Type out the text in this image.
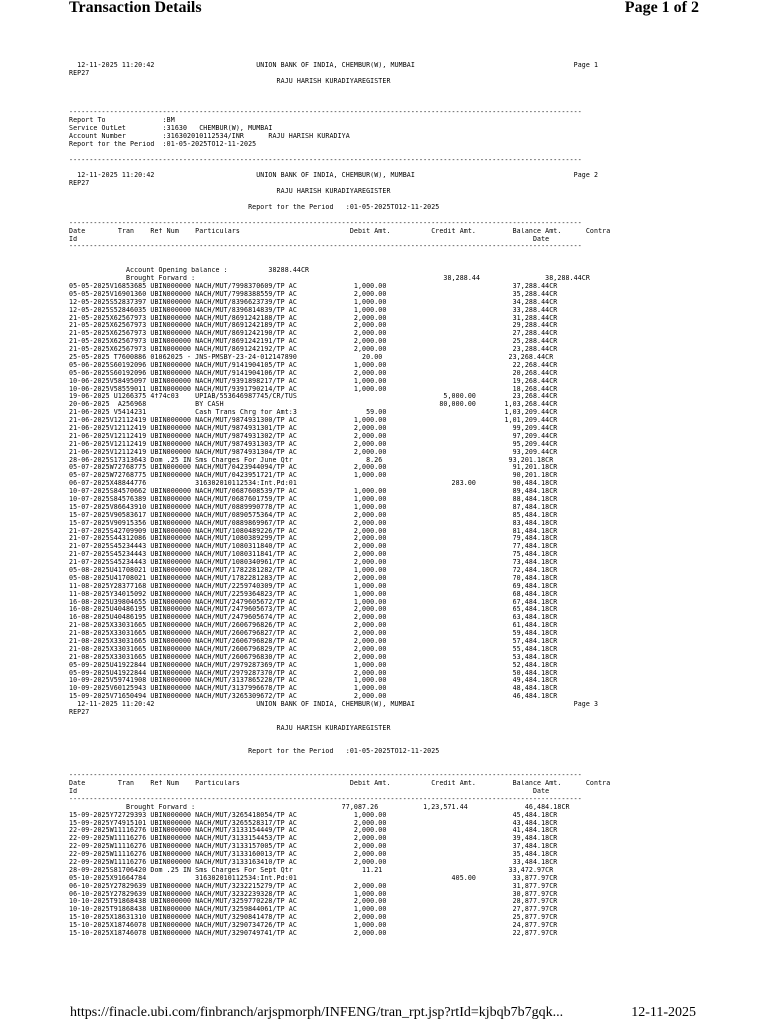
Transaction Details	Page 1 of 2
12-11-2025 11:20:42                         UNION BANK OF INDIA, CHEMBUR(W), MUMBAI                                       Page 1
REP27
RAJU HARISH KURADIYAREGISTER
------------------------------------------------------------------------------------------------------------------------------
Report To              :BM
Service OutLet         :31630   CHEMBUR(W), MUMBAI
Account Number         :316302010112534/INR      RAJU HARISH KURADIYA
Report for the Period  :01-05-2025TO12-11-2025
------------------------------------------------------------------------------------------------------------------------------
12-11-2025 11:20:42                         UNION BANK OF INDIA, CHEMBUR(W), MUMBAI                                       Page 2
REP27
RAJU HARISH KURADIYAREGISTER
Report for the Period   :01-05-2025TO12-11-2025
------------------------------------------------------------------------------------------------------------------------------
Date        Tran    Ref Num    Particulars                           Debit Amt.          Credit Amt.         Balance Amt.      Contra
Id                                                                                                                Date
------------------------------------------------------------------------------------------------------------------------------
Account Opening balance :          38288.44CR
Brought Forward :                                                             38,288.44                38,288.44CR
05-05-2025V16853685 UBIN000000 NACH/MUT/7998370609/TP AC              1,000.00                               37,288.44CR
05-05-2025V16901360 UBIN000000 NACH/MUT/7998388559/TP AC              2,000.00                               35,288.44CR
12-05-2025S52837397 UBIN000000 NACH/MUT/8396623739/TP AC              1,000.00                               34,288.44CR
12-05-2025S52846035 UBIN000000 NACH/MUT/8396814839/TP AC              1,000.00                               33,288.44CR
21-05-2025X62567973 UBIN000000 NACH/MUT/8691242188/TP AC              2,000.00                               31,288.44CR
21-05-2025X62567973 UBIN000000 NACH/MUT/8691242189/TP AC              2,000.00                               29,288.44CR
21-05-2025X62567973 UBIN000000 NACH/MUT/8691242190/TP AC              2,000.00                               27,288.44CR
21-05-2025X62567973 UBIN000000 NACH/MUT/8691242191/TP AC              2,000.00                               25,288.44CR
21-05-2025X62567973 UBIN000000 NACH/MUT/8691242192/TP AC              2,000.00                               23,288.44CR
25-05-2025 T7600886 01062025 - JNS-PMSBY-23-24-012147890                20.00                               23,268.44CR
05-06-2025S60192096 UBIN000000 NACH/MUT/9141904105/TP AC              1,000.00                               22,268.44CR
05-06-2025S60192096 UBIN000000 NACH/MUT/9141904106/TP AC              2,000.00                               20,268.44CR
10-06-2025V58495097 UBIN000000 NACH/MUT/9391898217/TP AC              1,000.00                               19,268.44CR
10-06-2025V58559011 UBIN000000 NACH/MUT/9391790214/TP AC              1,000.00                               18,268.44CR
19-06-2025 U1266375 4f74c03    UPIAB/553646987745/CR/TUS                                    5,000.00         23,268.44CR
20-06-2025  A256968            BY CASH                                                     80,000.00       1,03,268.44CR
21-06-2025 V5414231            Cash Trans Chrg for Amt:3                 59.00                             1,03,209.44CR
21-06-2025V12112419 UBIN000000 NACH/MUT/9874931300/TP AC              1,000.00                             1,01,209.44CR
21-06-2025V12112419 UBIN000000 NACH/MUT/9874931301/TP AC              2,000.00                               99,209.44CR
21-06-2025V12112419 UBIN000000 NACH/MUT/9874931302/TP AC              2,000.00                               97,209.44CR
21-06-2025V12112419 UBIN000000 NACH/MUT/9874931303/TP AC              2,000.00                               95,209.44CR
21-06-2025V12112419 UBIN000000 NACH/MUT/9874931304/TP AC              2,000.00                               93,209.44CR
28-06-2025S17313643 Dom .25 IN Sms Charges For June Qtr                  8.26                               93,201.18CR
05-07-2025W72768775 UBIN000000 NACH/MUT/0423944094/TP AC              2,000.00                               91,201.18CR
05-07-2025W72768775 UBIN000000 NACH/MUT/0423951721/TP AC              1,000.00                               90,201.18CR
06-07-2025X48844776            316302010112534:Int.Pd:01                                      283.00         90,484.18CR
10-07-2025S84570662 UBIN000000 NACH/MUT/0687608539/TP AC              1,000.00                               89,484.18CR
10-07-2025S84576389 UBIN000000 NACH/MUT/0687601759/TP AC              1,000.00                               88,484.18CR
15-07-2025V86643910 UBIN000000 NACH/MUT/0889990778/TP AC              1,000.00                               87,484.18CR
15-07-2025V90583617 UBIN000000 NACH/MUT/0890575364/TP AC              2,000.00                               85,484.18CR
15-07-2025V90915356 UBIN000000 NACH/MUT/0889869967/TP AC              2,000.00                               83,484.18CR
21-07-2025S42709909 UBIN000000 NACH/MUT/1080489226/TP AC              2,000.00                               81,484.18CR
21-07-2025S44312086 UBIN000000 NACH/MUT/1080389299/TP AC              2,000.00                               79,484.18CR
21-07-2025S45234443 UBIN000000 NACH/MUT/1080311840/TP AC              2,000.00                               77,484.18CR
21-07-2025S45234443 UBIN000000 NACH/MUT/1080311841/TP AC              2,000.00                               75,484.18CR
21-07-2025S45234443 UBIN000000 NACH/MUT/1080340961/TP AC              2,000.00                               73,484.18CR
05-08-2025U41708021 UBIN000000 NACH/MUT/1782281282/TP AC              1,000.00                               72,484.18CR
05-08-2025U41708021 UBIN000000 NACH/MUT/1782281283/TP AC              2,000.00                               70,484.18CR
11-08-2025Y28377168 UBIN000000 NACH/MUT/2259740309/TP AC              1,000.00                               69,484.18CR
11-08-2025Y34015092 UBIN000000 NACH/MUT/2259364823/TP AC              1,000.00                               68,484.18CR
16-08-2025U39804655 UBIN000000 NACH/MUT/2479605672/TP AC              1,000.00                               67,484.18CR
16-08-2025U40486195 UBIN000000 NACH/MUT/2479605673/TP AC              2,000.00                               65,484.18CR
16-08-2025U40486195 UBIN000000 NACH/MUT/2479605674/TP AC              2,000.00                               63,484.18CR
21-08-2025X33031665 UBIN000000 NACH/MUT/2606796826/TP AC              2,000.00                               61,484.18CR
21-08-2025X33031665 UBIN000000 NACH/MUT/2606796827/TP AC              2,000.00                               59,484.18CR
21-08-2025X33031665 UBIN000000 NACH/MUT/2606796828/TP AC              2,000.00                               57,484.18CR
21-08-2025X33031665 UBIN000000 NACH/MUT/2606796829/TP AC              2,000.00                               55,484.18CR
21-08-2025X33031665 UBIN000000 NACH/MUT/2606796830/TP AC              2,000.00                               53,484.18CR
05-09-2025U41922844 UBIN000000 NACH/MUT/2979287369/TP AC              1,000.00                               52,484.18CR
05-09-2025U41922844 UBIN000000 NACH/MUT/2979287370/TP AC              2,000.00                               50,484.18CR
10-09-2025V59741908 UBIN000000 NACH/MUT/3137865228/TP AC              1,000.00                               49,484.18CR
10-09-2025V60125943 UBIN000000 NACH/MUT/3137996678/TP AC              1,000.00                               48,484.18CR
15-09-2025V71650494 UBIN000000 NACH/MUT/3265309672/TP AC              2,000.00                               46,484.18CR
12-11-2025 11:20:42                         UNION BANK OF INDIA, CHEMBUR(W), MUMBAI                                       Page 3
REP27
RAJU HARISH KURADIYAREGISTER
Report for the Period   :01-05-2025TO12-11-2025
------------------------------------------------------------------------------------------------------------------------------
Date        Tran    Ref Num    Particulars                           Debit Amt.          Credit Amt.         Balance Amt.      Contra
Id                                                                                                                Date
------------------------------------------------------------------------------------------------------------------------------
Brought Forward :                                    77,087.26           1,23,571.44              46,484.18CR
15-09-2025Y72729393 UBIN000000 NACH/MUT/3265418054/TP AC              1,000.00                               45,484.18CR
15-09-2025Y74915101 UBIN000000 NACH/MUT/3265528317/TP AC              2,000.00                               43,484.18CR
22-09-2025W11116276 UBIN000000 NACH/MUT/3133154449/TP AC              2,000.00                               41,484.18CR
22-09-2025W11116276 UBIN000000 NACH/MUT/3133154453/TP AC              2,000.00                               39,484.18CR
22-09-2025W11116276 UBIN000000 NACH/MUT/3133157005/TP AC              2,000.00                               37,484.18CR
22-09-2025W11116276 UBIN000000 NACH/MUT/3133160013/TP AC              2,000.00                               35,484.18CR
22-09-2025W11116276 UBIN000000 NACH/MUT/3133163410/TP AC              2,000.00                               33,484.18CR
28-09-2025S81706420 Dom .25 IN Sms Charges For Sept Qtr                 11.21                               33,472.97CR
05-10-2025X91664784            316302010112534:Int.Pd:01                                      405.00         33,877.97CR
06-10-2025Y27829639 UBIN000000 NACH/MUT/3232215279/TP AC              2,000.00                               31,877.97CR
06-10-2025Y27829639 UBIN000000 NACH/MUT/3232239328/TP AC              1,000.00                               30,877.97CR
10-10-2025T91868438 UBIN000000 NACH/MUT/3259770228/TP AC              2,000.00                               28,877.97CR
10-10-2025T91868438 UBIN000000 NACH/MUT/3259844061/TP AC              1,000.00                               27,877.97CR
15-10-2025X18631310 UBIN000000 NACH/MUT/3290841478/TP AC              2,000.00                               25,877.97CR
15-10-2025X18746078 UBIN000000 NACH/MUT/3290734726/TP AC              1,000.00                               24,877.97CR
15-10-2025X18746078 UBIN000000 NACH/MUT/3290749741/TP AC              2,000.00                               22,877.97CR
https://finacle.ubi.com/finbranch/arjspmorph/INFENG/tran_rpt.jsp?rtId=kjbqb7b7gqk...	12-11-2025
